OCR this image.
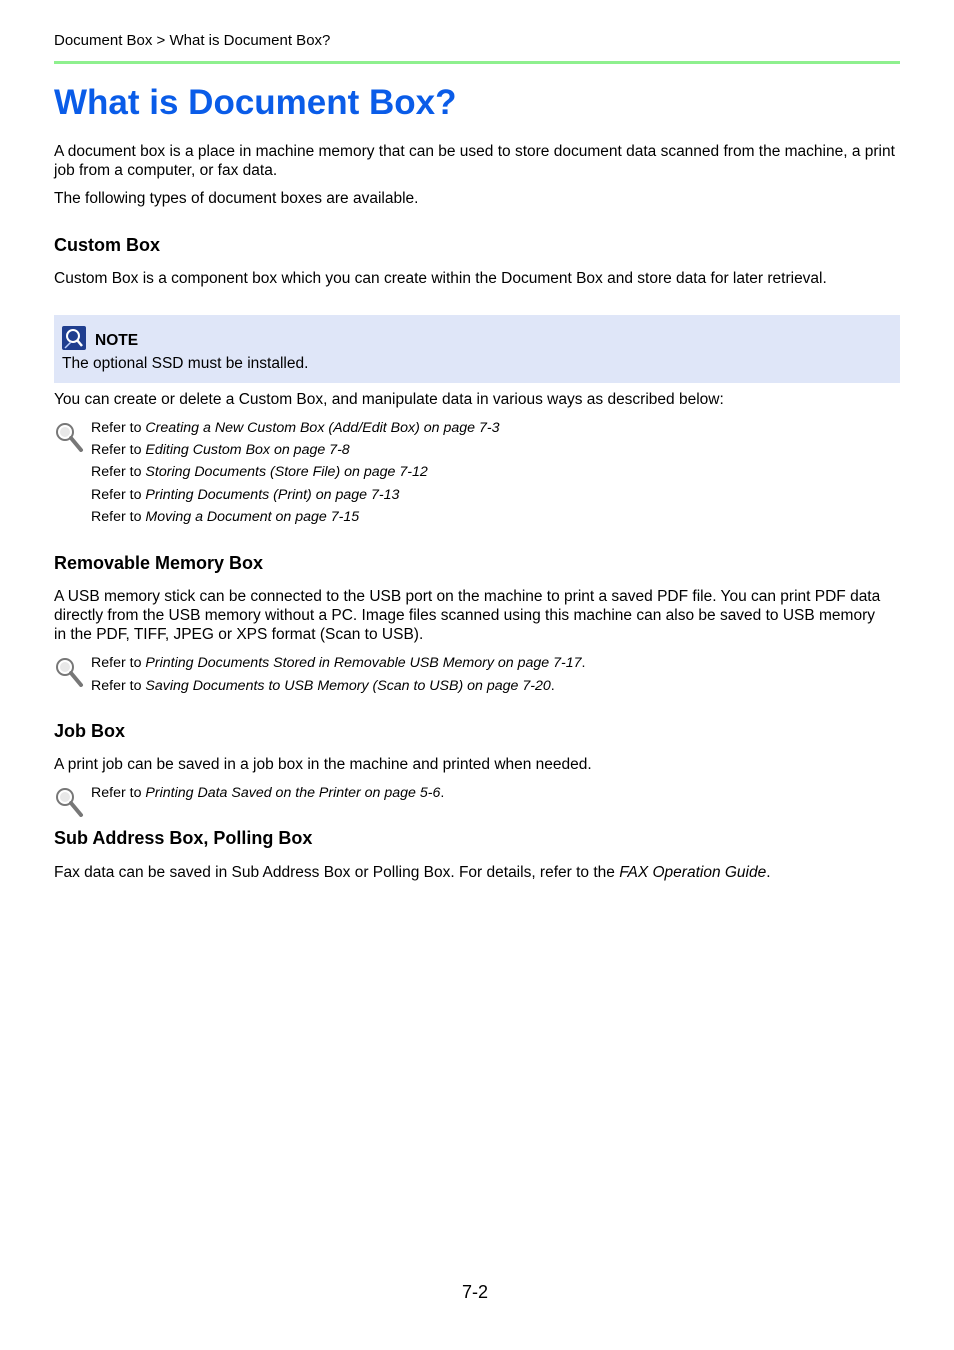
Document Box > What is Document Box?
What is Document Box?

A document box is a place in machine memory that can be used to store document data scanned from the machine, a print job from a computer, or fax data.

The following types of document boxes are available.

Custom Box

Custom Box is a component box which you can create within the Document Box and store data for later retrieval.

NOTE
The optional SSD must be installed.

You can create or delete a Custom Box, and manipulate data in various ways as described below:

Refer to Creating a New Custom Box (Add/Edit Box) on page 7-3
Refer to Editing Custom Box on page 7-8
Refer to Storing Documents (Store File) on page 7-12
Refer to Printing Documents (Print) on page 7-13
Refer to Moving a Document on page 7-15
Removable Memory Box

A USB memory stick can be connected to the USB port on the machine to print a saved PDF file. You can print PDF data

directly from the USB memory without a PC. Image files scanned using this machine can also be saved to USB memory

in the PDF, TIFF, JPEG or XPS format (Scan to USB).

Refer to Printing Documents Stored in Removable USB Memory on page 7-17.
Refer to Saving Documents to USB Memory (Scan to USB) on page 7-20.
Job Box

A print job can be saved in a job box in the machine and printed when needed.

Refer to Printing Data Saved on the Printer on page 5-6.
Sub Address Box, Polling Box

Fax data can be saved in Sub Address Box or Polling Box. For details, refer to the FAX Operation Guide.

7-2
